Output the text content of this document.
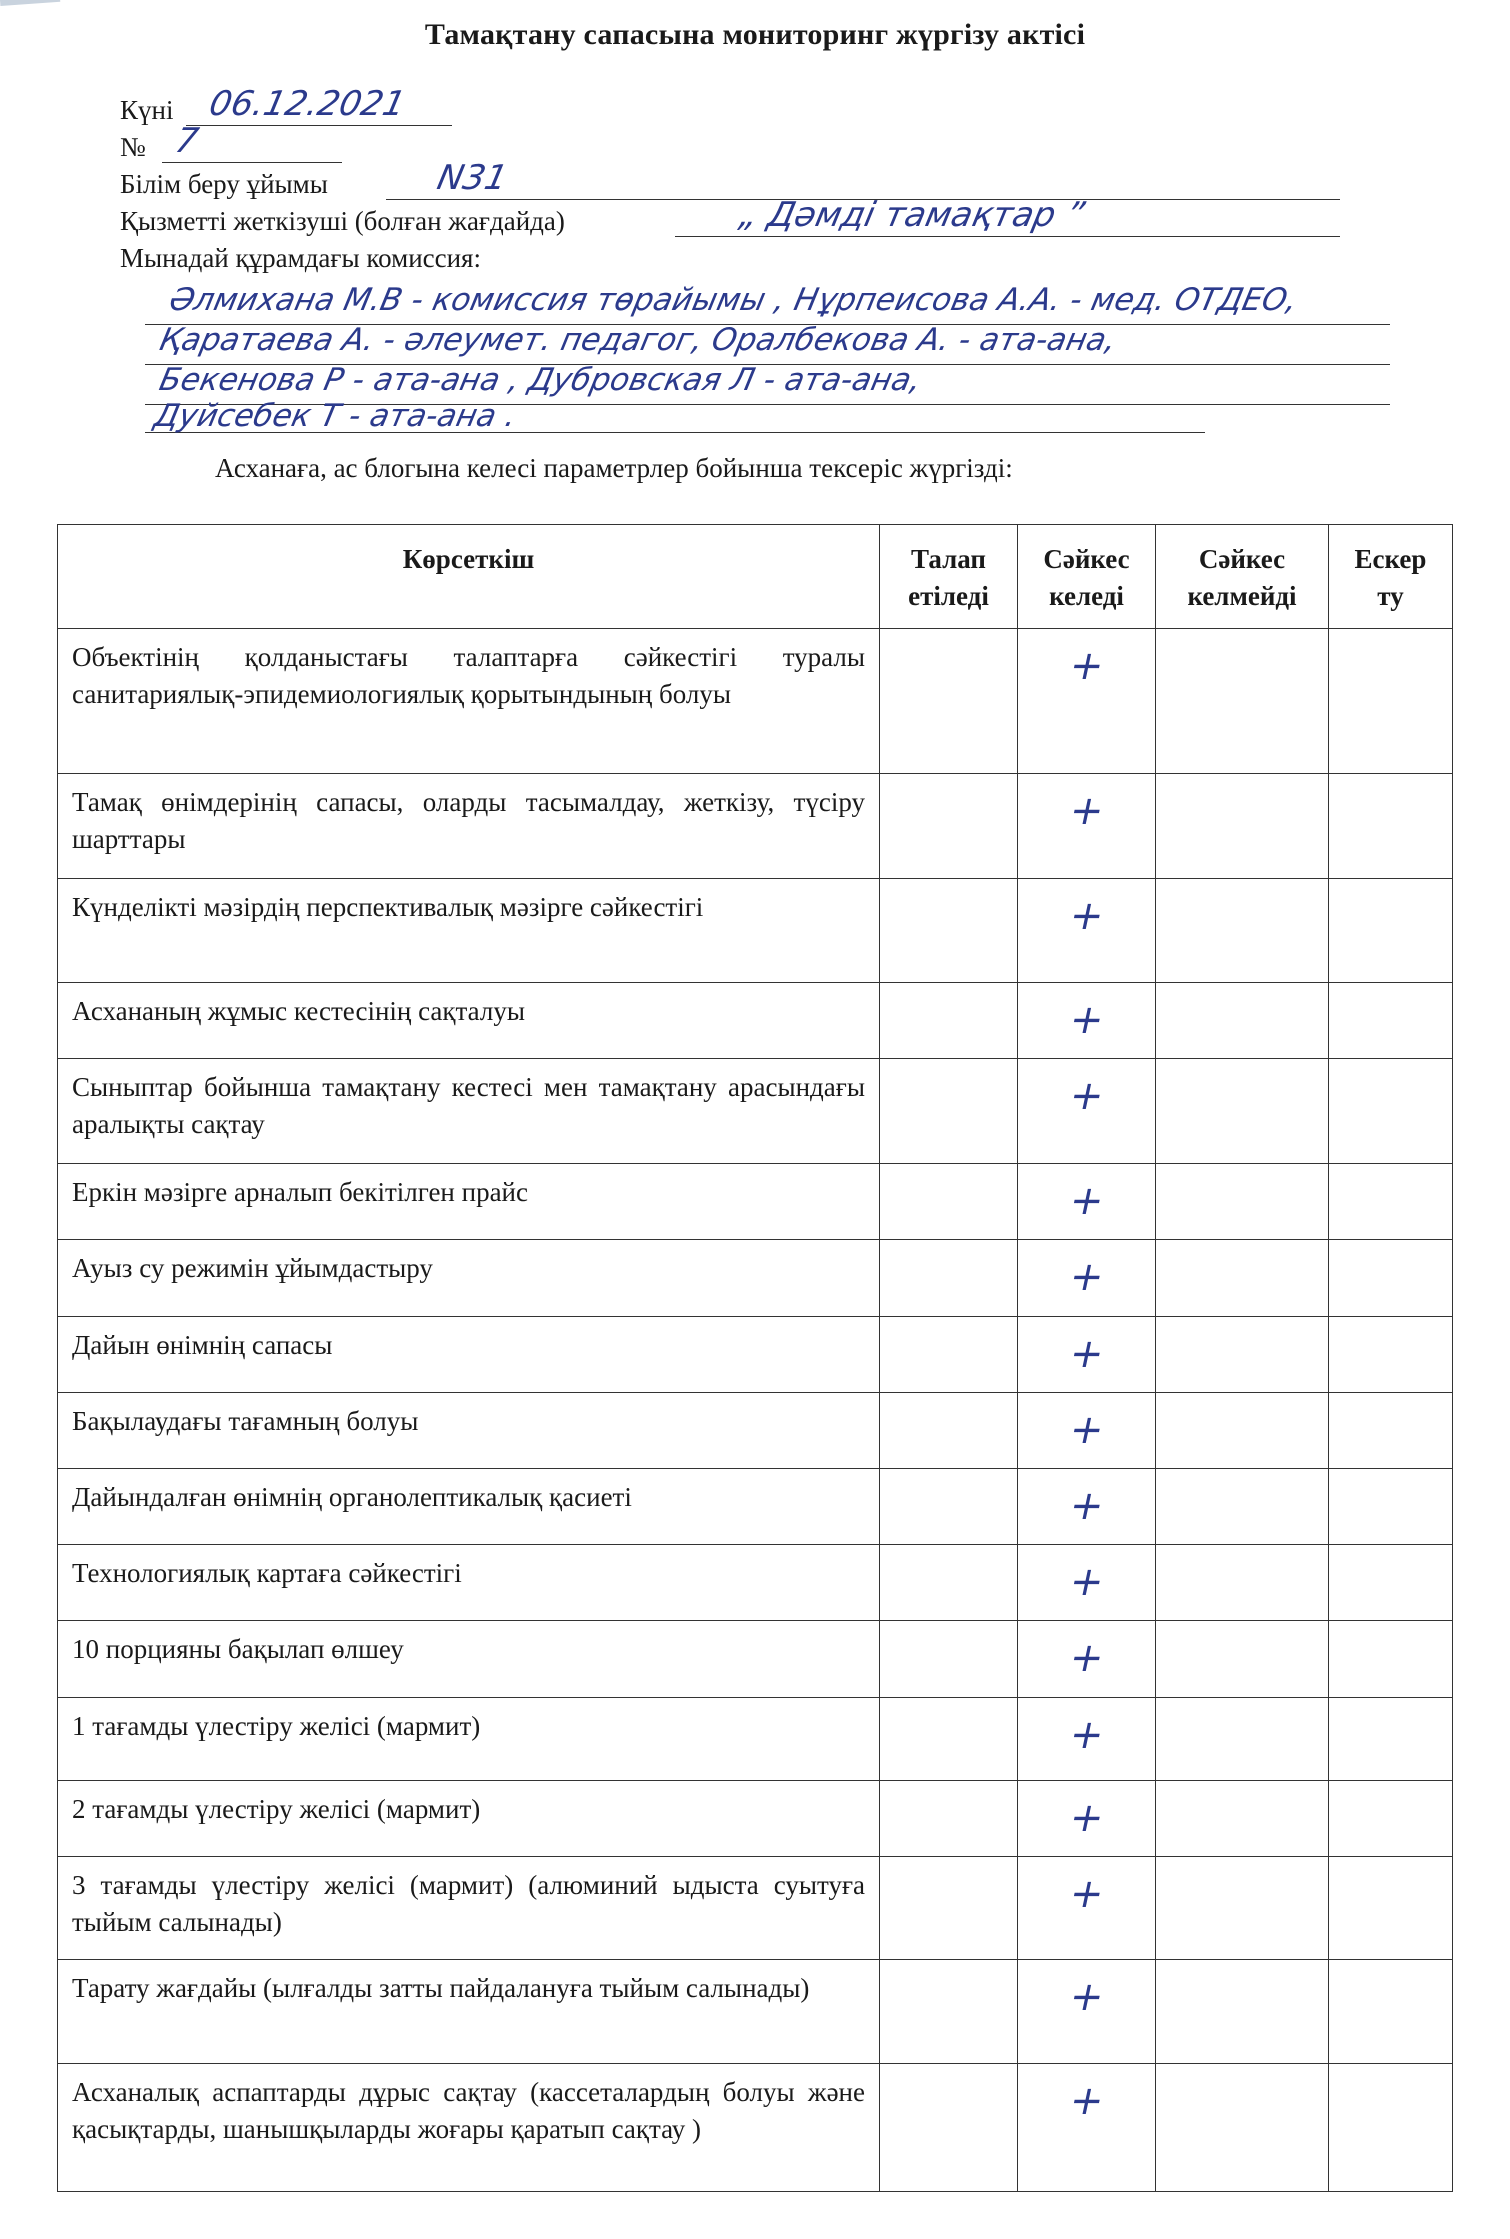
Тамақтану сапасына мониторинг жүргізу актісі
Күні 06.12.2021
№ 7
Білім беру ұйымы	N31
Қызметті жеткізуші (болған жағдайда)	„ Дәмді тамақтар ”
Мынадай құрамдағы комиссия:
Әлмихана М.В - комиссия төрайымы , Нұрпеисова А.А. - мед. ОТДЕО,
Қаратаева А. - әлеумет. педагог, Оралбекова А. - ата-ана,
Бекенова Р - ата-ана , Дубровская Л - ата-ана,
Дуйсебек Т - ата-ана .
Асханаға, ас блогына келесі параметрлер бойынша тексеріс жүргізді:
Көрсеткіш	Талап етіледі	Сәйкес келеді	Сәйкес келмейді	Ескер ту
Объектінің қолданыстағы талаптарға сәйкестігі туралы санитариялық-эпидемиологиялық қорытындының болуы		+		
Тамақ өнімдерінің сапасы, оларды тасымалдау, жеткізу, түсіру шарттары		+		
Күнделікті мәзірдің перспективалық мәзірге сәйкестігі		+		
Асхананың жұмыс кестесінің сақталуы		+		
Сыныптар бойынша тамақтану кестесі мен тамақтану арасындағы аралықты сақтау		+		
Еркін мәзірге арналып бекітілген прайс		+		
Ауыз су режимін ұйымдастыру		+		
Дайын өнімнің сапасы		+		
Бақылаудағы тағамның болуы		+		
Дайындалған өнімнің органолептикалық қасиеті		+		
Технологиялық картаға сәйкестігі		+		
10 порцияны бақылап өлшеу		+		
1 тағамды үлестіру желісі (мармит)		+		
2 тағамды үлестіру желісі (мармит)		+		
3 тағамды үлестіру желісі (мармит) (алюминий ыдыста суытуға тыйым салынады)		+		
Тарату жағдайы (ылғалды затты пайдалануға тыйым салынады)		+		
Асханалық аспаптарды дұрыс сақтау (кассеталардың болуы және қасықтарды, шанышқыларды жоғары қаратып сақтау )		+		
